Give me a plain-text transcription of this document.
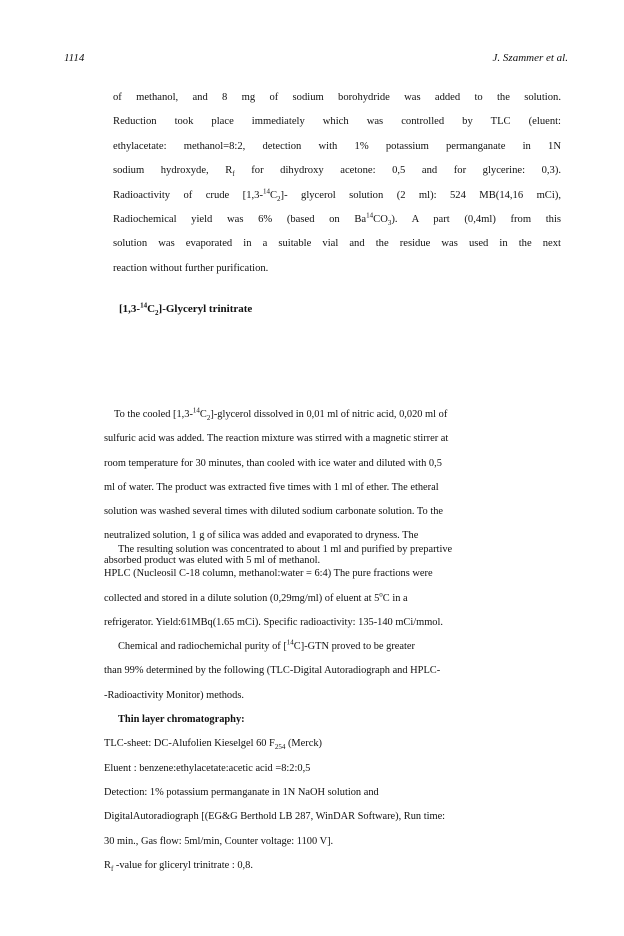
1114	J. Szammer et al.
of methanol, and 8 mg of sodium borohydride was added to the solution.
Reduction took place immediately which was controlled by TLC (eluent:
ethylacetate: methanol=8:2, detection with 1% potassium permanganate in 1N
sodium hydroxyde, $R_f$ for dihydroxy acetone: 0,5 and for glycerine: 0,3).
Radioactivity of crude $[1,3-^{14}C_2]-$ glycerol solution (2 ml): 524 MB(14,16 mCi),
Radiochemical yield was 6% (based on $Ba^{14}CO_3$). A part (0,4ml) from this
solution was evaporated in a suitable vial and the residue was used in the next
reaction without further purification.
$[1,3-^{14}C_2]$-Glyceryl trinitrate
To the cooled $[1,3-^{14}C_2]$-glycerol dissolved in 0,01 ml of nitric acid, 0,020 ml of
sulfuric acid was added. The reaction mixture was stirred with a magnetic stirrer at
room temperature for 30 minutes, than cooled with ice water and diluted with 0,5
ml of water. The product was extracted five times with 1 ml of ether. The etheral
solution was washed several times with diluted sodium carbonate solution. To the
neutralized solution, 1 g of silica was added and evaporated to dryness. The
absorbed product was eluted with 5 ml of methanol.
The resulting solution was concentrated to about 1 ml and purified by prepartive
HPLC (Nucleosil C-18 column, methanol:water = 6:4) The pure fractions were
collected and stored in a dilute solution (0,29mg/ml) of eluent at 5$^o$C in a
refrigerator. Yield:61MBq(1.65 mCi). Specific radioactivity: 135-140 mCi/mmol.
Chemical and radiochemichal purity of [$^{14}$C]-GTN proved to be greater
than 99% determined by the following (TLC-Digital Autoradiograph and HPLC-
-Radioactivity Monitor) methods.
Thin layer chromatography:
TLC-sheet: DC-Alufolien Kieselgel 60 $F_{254}$ (Merck)
Eluent : benzene:ethylacetate:acetic acid =8:2:0,5
Detection: 1% potassium permanganate in 1N NaOH solution and
DigitalAutoradiograph [(EG&G Berthold LB 287, WinDAR Software), Run time:
30 min., Gas flow: 5ml/min, Counter voltage: 1100 V].
$R_f$ -value for gliceryl trinitrate : 0,8.
